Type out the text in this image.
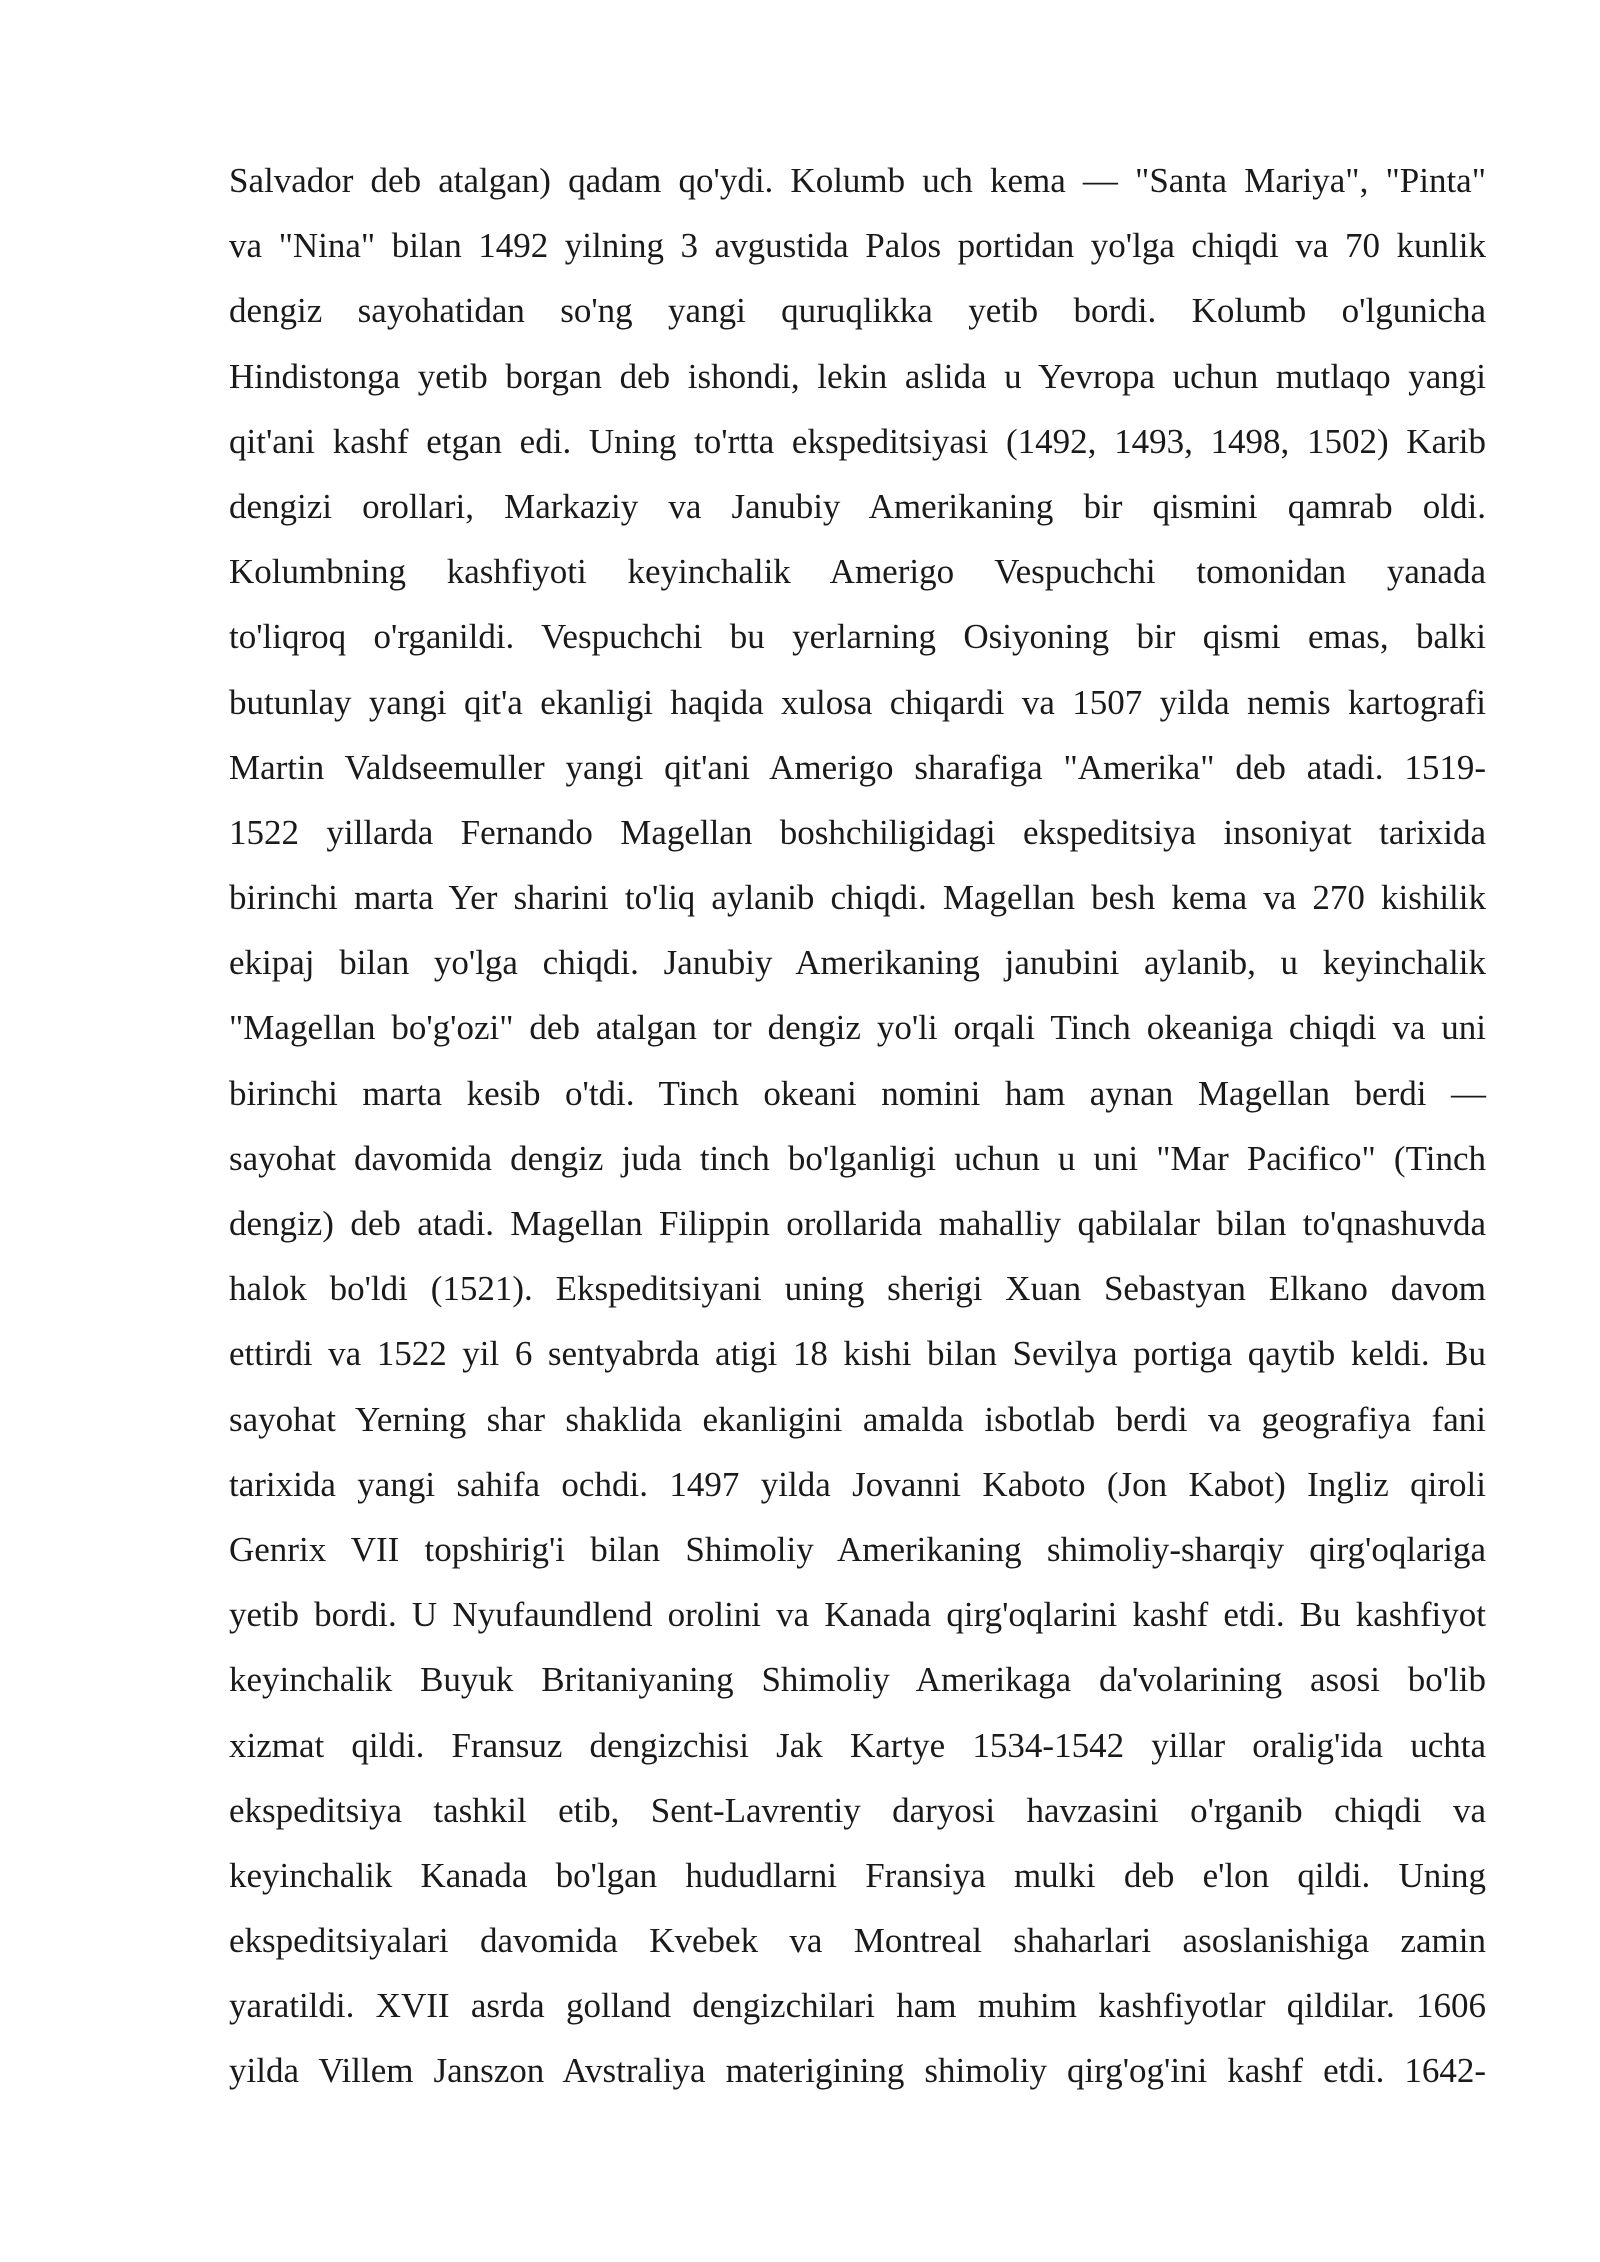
Salvador deb atalgan) qadam qo'ydi. Kolumb uch kema — "Santa Mariya", "Pinta"
va "Nina" bilan 1492 yilning 3 avgustida Palos portidan yo'lga chiqdi va 70 kunlik
dengiz sayohatidan so'ng yangi quruqlikka yetib bordi. Kolumb o'lgunicha
Hindistonga yetib borgan deb ishondi, lekin aslida u Yevropa uchun mutlaqo yangi
qit'ani kashf etgan edi. Uning to'rtta ekspeditsiyasi (1492, 1493, 1498, 1502) Karib
dengizi orollari, Markaziy va Janubiy Amerikaning bir qismini qamrab oldi.
Kolumbning kashfiyoti keyinchalik Amerigo Vespuchchi tomonidan yanada
to'liqroq o'rganildi. Vespuchchi bu yerlarning Osiyoning bir qismi emas, balki
butunlay yangi qit'a ekanligi haqida xulosa chiqardi va 1507 yilda nemis kartografi
Martin Valdseemuller yangi qit'ani Amerigo sharafiga "Amerika" deb atadi. 1519-
1522 yillarda Fernando Magellan boshchiligidagi ekspeditsiya insoniyat tarixida
birinchi marta Yer sharini to'liq aylanib chiqdi. Magellan besh kema va 270 kishilik
ekipaj bilan yo'lga chiqdi. Janubiy Amerikaning janubini aylanib, u keyinchalik
"Magellan bo'g'ozi" deb atalgan tor dengiz yo'li orqali Tinch okeaniga chiqdi va uni
birinchi marta kesib o'tdi. Tinch okeani nomini ham aynan Magellan berdi —
sayohat davomida dengiz juda tinch bo'lganligi uchun u uni "Mar Pacifico" (Tinch
dengiz) deb atadi. Magellan Filippin orollarida mahalliy qabilalar bilan to'qnashuvda
halok bo'ldi (1521). Ekspeditsiyani uning sherigi Xuan Sebastyan Elkano davom
ettirdi va 1522 yil 6 sentyabrda atigi 18 kishi bilan Sevilya portiga qaytib keldi. Bu
sayohat Yerning shar shaklida ekanligini amalda isbotlab berdi va geografiya fani
tarixida yangi sahifa ochdi. 1497 yilda Jovanni Kaboto (Jon Kabot) Ingliz qiroli
Genrix VII topshirig'i bilan Shimoliy Amerikaning shimoliy-sharqiy qirg'oqlariga
yetib bordi. U Nyufaundlend orolini va Kanada qirg'oqlarini kashf etdi. Bu kashfiyot
keyinchalik Buyuk Britaniyaning Shimoliy Amerikaga da'volarining asosi bo'lib
xizmat qildi. Fransuz dengizchisi Jak Kartye 1534-1542 yillar oralig'ida uchta
ekspeditsiya tashkil etib, Sent-Lavrentiy daryosi havzasini o'rganib chiqdi va
keyinchalik Kanada bo'lgan hududlarni Fransiya mulki deb e'lon qildi. Uning
ekspeditsiyalari davomida Kvebek va Montreal shaharlari asoslanishiga zamin
yaratildi. XVII asrda golland dengizchilari ham muhim kashfiyotlar qildilar. 1606
yilda Villem Janszon Avstraliya materigining shimoliy qirg'og'ini kashf etdi. 1642-
